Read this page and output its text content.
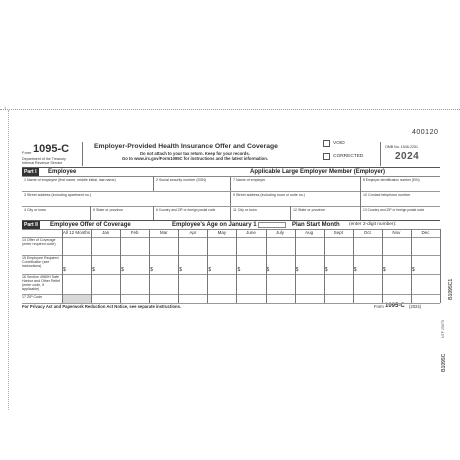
┐
400120
Form 1095-C
Department of the Treasury
Internal Revenue Service
Employer-Provided Health Insurance Offer and Coverage
Do not attach to your tax return. Keep for your records.
Go to www.irs.gov/Form1095C for instructions and the latest information.
VOID
CORRECTED
OMB No. 1545-2251
2024
Part I	Employee	Applicable Large Employer Member (Employer)
1 Name of employee (first name, middle initial, last name)	2 Social security number (SSN)	7 Name of employer	8 Employer identification number (EIN)
3 Street address (including apartment no.)	9 Street address (including room or suite no.)	10 Contact telephone number
4 City or town	5 State or province	6 Country and ZIP or foreign postal code	11 City or town	12 State or province	13 Country and ZIP or foreign postal code
Part II	Employee Offer of Coverage	Employee's Age on January 1	Plan Start Month (enter 2-digit number):
For Privacy Act and Paperwork Reduction Act Notice, see separate instructions.	Form 1095-C (2024)
All 12 Months	Jan	Feb	Mar	Apr	May	June	July	Aug	Sept	Oct	Nov	Dec
14 Offer of Coverage (enter required code)
15 Employee Required Contribution (see instructions)
$	$	$	$	$	$	$	$	$	$	$	$	$
16 Section 4980H Safe Harbor and Other Relief (enter code, if applicable)
17 ZIP Code	B1095C1
NTF 25675
B1095C
